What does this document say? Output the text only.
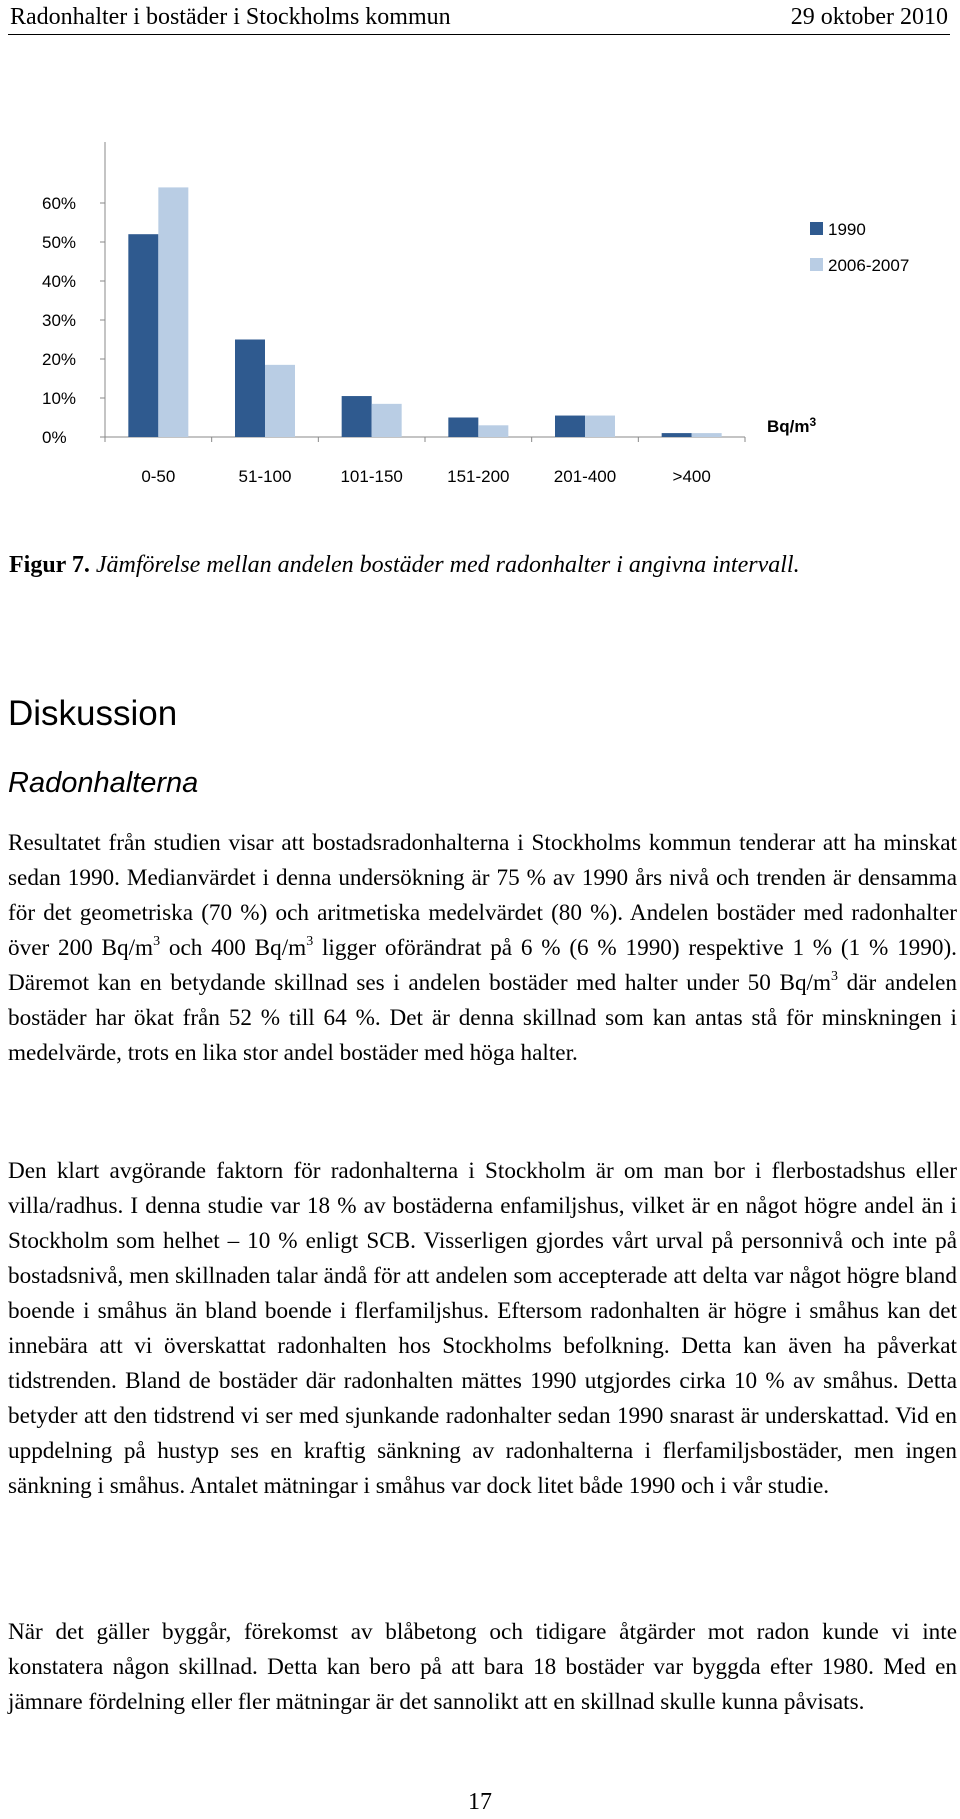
Radonhalter i bostäder i Stockholms kommun	29 oktober 2010
0%
10%
20%
30%
40%
50%
60%
0-50	51-100	101-150	151-200	201-400	>400
1990
2006-2007
$Bq/m^3$
Figur 7. Jämförelse mellan andelen bostäder med radonhalter i angivna intervall.
Diskussion
Radonhalterna
Resultatet från studien visar att bostadsradonhalterna i Stockholms kommun tenderar att ha minskat sedan 1990. Medianvärdet i denna undersökning är 75 % av 1990 års nivå och trenden är densamma för det geometriska (70 %) och aritmetiska medelvärdet (80 %). Andelen bostäder med radonhalter över 200 $Bq/m^3$ och 400 $Bq/m^3$ ligger oförändrat på 6 % (6 % 1990) respektive 1 % (1 % 1990). Däremot kan en betydande skillnad ses i andelen bostäder med halter under 50 $Bq/m^3$ där andelen bostäder har ökat från 52 % till 64 %. Det är denna skillnad som kan antas stå för minskningen i medelvärde, trots en lika stor andel bostäder med höga halter.
Den klart avgörande faktorn för radonhalterna i Stockholm är om man bor i flerbostadshus eller villa/radhus. I denna studie var 18 % av bostäderna enfamiljshus, vilket är en något högre andel än i Stockholm som helhet – 10 % enligt SCB. Visserligen gjordes vårt urval på personnivå och inte på bostadsnivå, men skillnaden talar ändå för att andelen som accepterade att delta var något högre bland boende i småhus än bland boende i flerfamiljshus. Eftersom radonhalten är högre i småhus kan det innebära att vi överskattat radonhalten hos Stockholms befolkning. Detta kan även ha påverkat tidstrenden. Bland de bostäder där radonhalten mättes 1990 utgjordes cirka 10 % av småhus. Detta betyder att den tidstrend vi ser med sjunkande radonhalter sedan 1990 snarast är underskattad. Vid en uppdelning på hustyp ses en kraftig sänkning av radonhalterna i flerfamiljsbostäder, men ingen sänkning i småhus. Antalet mätningar i småhus var dock litet både 1990 och i vår studie.
När det gäller byggår, förekomst av blåbetong och tidigare åtgärder mot radon kunde vi inte konstatera någon skillnad. Detta kan bero på att bara 18 bostäder var byggda efter 1980. Med en jämnare fördelning eller fler mätningar är det sannolikt att en skillnad skulle kunna påvisats.
17
